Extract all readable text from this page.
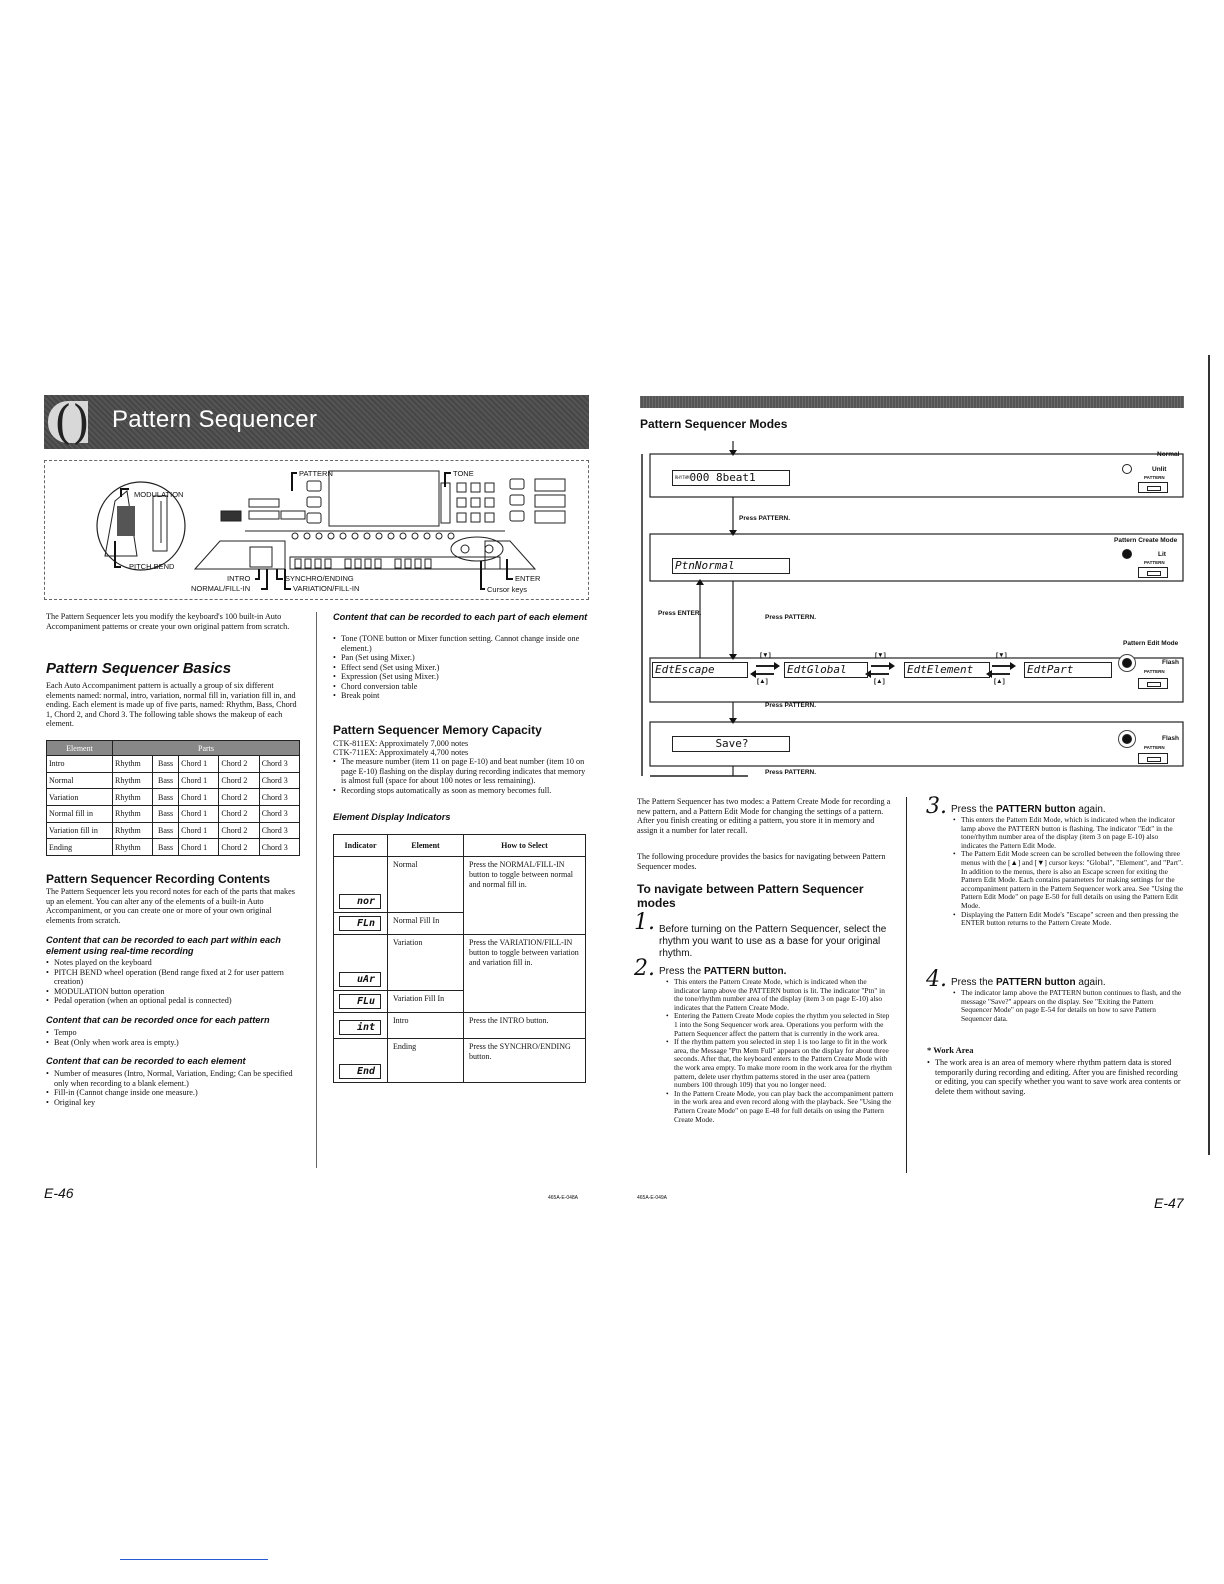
() Pattern Sequencer
MODULATION
PITCH BEND
PATTERN	TONE
INTRO
NORMAL/FILL-IN
SYNCHRO/ENDING
VARIATION/FILL-IN
ENTER
Cursor keys
The Pattern Sequencer lets you modify the keyboard's 100 built-in Auto Accompaniment patterns or create your own original pattern from scratch.
Pattern Sequencer Basics
Each Auto Accompaniment pattern is actually a group of six different elements named: normal, intro, variation, normal fill in, variation fill in, and ending. Each element is made up of five parts, named: Rhythm, Bass, Chord 1, Chord 2, and Chord 3. The following table shows the makeup of each element.
Element	Parts				
Intro	Rhythm	Bass	Chord 1	Chord 2	Chord 3
Normal	Rhythm	Bass	Chord 1	Chord 2	Chord 3
Variation	Rhythm	Bass	Chord 1	Chord 2	Chord 3
Normal fill in	Rhythm	Bass	Chord 1	Chord 2	Chord 3
Variation fill in	Rhythm	Bass	Chord 1	Chord 2	Chord 3
Ending	Rhythm	Bass	Chord 1	Chord 2	Chord 3
Pattern Sequencer Recording Contents
The Pattern Sequencer lets you record notes for each of the parts that makes up an element. You can alter any of the elements of a built-in Auto Accompaniment, or you can create one or more of your own original elements from scratch.
Content that can be recorded to each part within each element using real-time recording
• Notes played on the keyboard
• PITCH BEND wheel operation (Bend range fixed at 2 for user pattern creation)
• MODULATION button operation
• Pedal operation (when an optional pedal is connected)
Content that can be recorded once for each pattern
• Tempo
• Beat (Only when work area is empty.)
Content that can be recorded to each element
• Number of measures (Intro, Normal, Variation, Ending; Can be specified only when recording to a blank element.)
• Fill-in (Cannot change inside one measure.)
• Original key
Content that can be recorded to each part of each element
• Tone (TONE button or Mixer function setting. Cannot change inside one element.)
• Pan (Set using Mixer.)
• Effect send (Set using Mixer.)
• Expression (Set using Mixer.)
• Chord conversion table
• Break point
Pattern Sequencer Memory Capacity
CTK-811EX: Approximately 7,000 notes
CTK-711EX: Approximately 4,700 notes
• The measure number (item 11 on page E-10) and beat number (item 10 on page E-10) flashing on the display during recording indicates that memory is almost full (space for about 100 notes or less remaining).
• Recording stops automatically as soon as memory becomes full.
Element Display Indicators
Indicator	Element	How to Select
nor	Normal	Press the NORMAL/FILL-IN button to toggle between normal and normal fill in.
FLn	Normal Fill In	
uAr	Variation	Press the VARIATION/FILL-IN button to toggle between variation and variation fill in.
FLu	Variation Fill In	
int	Intro	Press the INTRO button.
End	Ending	Press the SYNCHRO/ENDING button.
E-46	465A-E-048A
Pattern Sequencer Modes
Normal
Unlit
PATTERN
RHYTHM000 8beat1
Press PATTERN.
Pattern Create Mode
Lit
PATTERN
PtnNormal
Press ENTER.
Press PATTERN.
Pattern Edit Mode
Flash
PATTERN
EdtEscape	EdtGlobal	EdtElement	EdtPart
[▼]	[▼]	[▼]
[▲]	[▲]	[▲]
Press PATTERN.
Flash
PATTERN
Save?
Press PATTERN.
The Pattern Sequencer has two modes: a Pattern Create Mode for recording a new pattern, and a Pattern Edit Mode for changing the settings of a pattern. After you finish creating or editing a pattern, you store it in memory and assign it a number for later recall.
The following procedure provides the basics for navigating between Pattern Sequencer modes.
To navigate between Pattern Sequencer modes
1. Before turning on the Pattern Sequencer, select the rhythm you want to use as a base for your original rhythm.
2. Press the PATTERN button.
• This enters the Pattern Create Mode, which is indicated when the indicator lamp above the PATTERN button is lit. The indicator "Ptn" in the tone/rhythm number area of the display (item 3 on page E-10) also indicates that the Pattern Create Mode.
• Entering the Pattern Create Mode copies the rhythm you selected in Step 1 into the Song Sequencer work area. Operations you perform with the Pattern Sequencer affect the pattern that is currently in the work area.
• If the rhythm pattern you selected in step 1 is too large to fit in the work area, the Message "Ptn Mem Full" appears on the display for about three seconds. After that, the keyboard enters to the Pattern Create Mode with the work area empty. To make more room in the work area for the rhythm pattern, delete user rhythm patterns stored in the user area (pattern numbers 100 through 109) that you no longer need.
• In the Pattern Create Mode, you can play back the accompaniment pattern in the work area and even record along with the playback. See "Using the Pattern Create Mode" on page E-48 for full details on using the Pattern Create Mode.
3. Press the PATTERN button again.
• This enters the Pattern Edit Mode, which is indicated when the indicator lamp above the PATTERN button is flashing. The indicator "Edt" in the tone/rhythm number area of the display (item 3 on page E-10) also indicates the Pattern Edit Mode.
• The Pattern Edit Mode screen can be scrolled between the following three menus with the [▲] and [▼] cursor keys: "Global", "Element", and "Part". In addition to the menus, there is also an Escape screen for exiting the Pattern Edit Mode. Each contains parameters for making settings for the accompaniment pattern in the Pattern Sequencer work area. See "Using the Pattern Edit Mode" on page E-50 for full details on using the Pattern Edit Mode.
• Displaying the Pattern Edit Mode's "Escape" screen and then pressing the ENTER button returns to the Pattern Create Mode.
4. Press the PATTERN button again.
• The indicator lamp above the PATTERN button continues to flash, and the message "Save?" appears on the display. See "Exiting the Pattern Sequencer Mode" on page E-54 for details on how to save Pattern Sequencer data.
* Work Area
• The work area is an area of memory where rhythm pattern data is stored temporarily during recording and editing. After you are finished recording or editing, you can specify whether you want to save work area contents or delete them without saving.
465A-E-049A	E-47
